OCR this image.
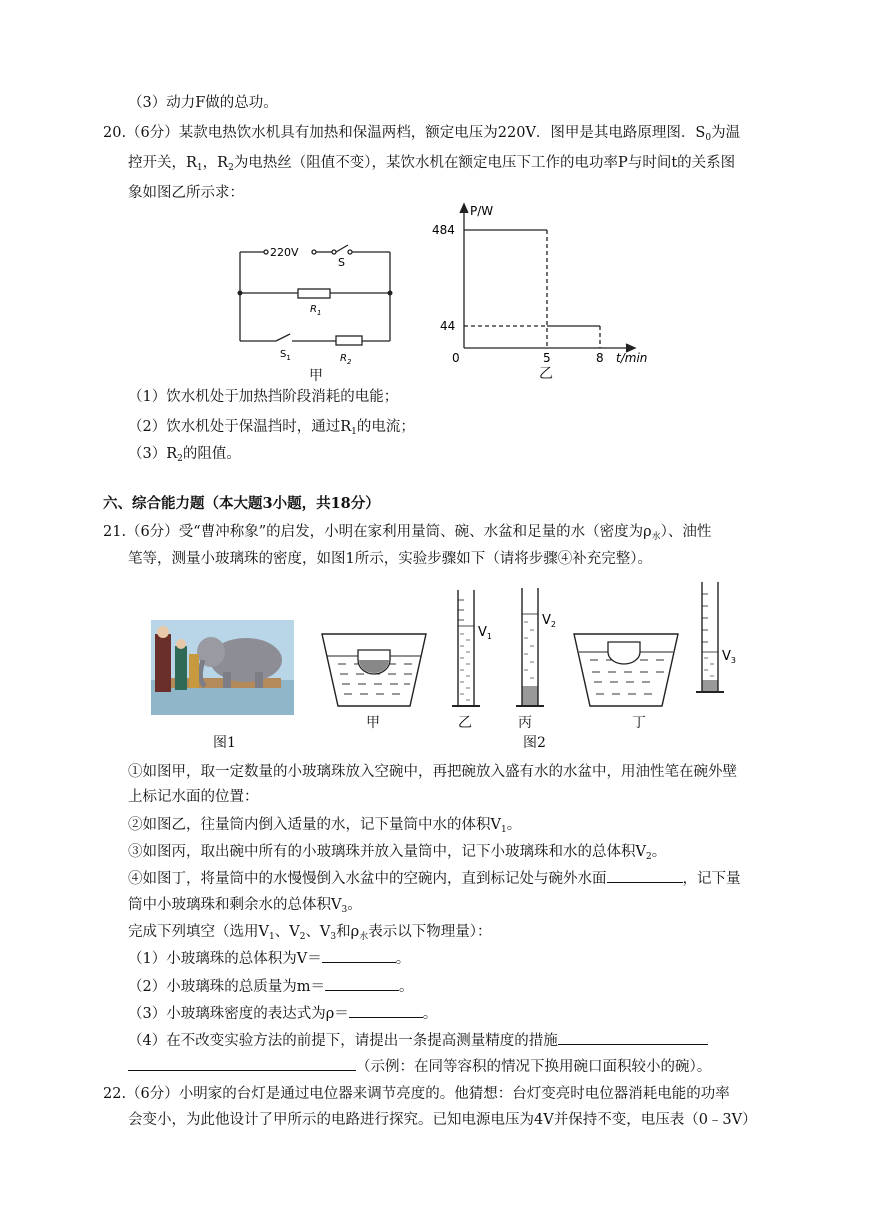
（3）动力F做的总功。
20.（6分）某款电热饮水机具有加热和保温两档，额定电压为220V．图甲是其电路原理图．$S_0$为温
控开关，$R_1$，$R_2$为电热丝（阻值不变），某饮水机在额定电压下工作的电功率P与时间t的关系图
象如图乙所示求：
220V
S
$R_1$
$S_1$	$R_2$
甲
P/W
484
44
0	5	8 t/min
乙
（1）饮水机处于加热挡阶段消耗的电能；
（2）饮水机处于保温挡时，通过$R_1$的电流；
$(3)R_2$的阻值。
六、综合能力题（本大题3小题，共18分）
21.（6分）受“曹冲称象”的启发，小明在家利用量筒、碗、水盆和足量的水（密度为$\rho_水$）、油性
笔等，测量小玻璃珠的密度，如图1所示，实验步骤如下（请将步骤④补充完整）。
图1
甲
$V_1$
乙
$V_2$
丙
图2
丁
$V_3$
①如图甲，取一定数量的小玻璃珠放入空碗中，再把碗放入盛有水的水盆中，用油性笔在碗外壁
上标记水面的位置：
②如图乙，往量筒内倒入适量的水，记下量筒中水的体积$V_1$。
③如图丙，取出碗中所有的小玻璃珠并放入量筒中，记下小玻璃珠和水的总体积$V_2$。
④如图丁，将量筒中的水慢慢倒入水盆中的空碗内，直到标记处与碗外水面	，记下量
筒中小玻璃珠和剩余水的总体积$V_3$。
完成下列填空（选用$V_1$、$V_2$、$V_3$和$\rho_水$表示以下物理量）：
（1）小玻璃珠的总体积为V＝	。
（2）小玻璃珠的总质量为m＝	。
（3）小玻璃珠密度的表达式为ρ＝	。
（4）在不改变实验方法的前提下，请提出一条提高测量精度的措施
（示例：在同等容积的情况下换用碗口面积较小的碗）。
22.（6分）小明家的台灯是通过电位器来调节亮度的。他猜想：台灯变亮时电位器消耗电能的功率
会变小，为此他设计了甲所示的电路进行探究。已知电源电压为4V并保持不变，电压表（0﹣3V）
